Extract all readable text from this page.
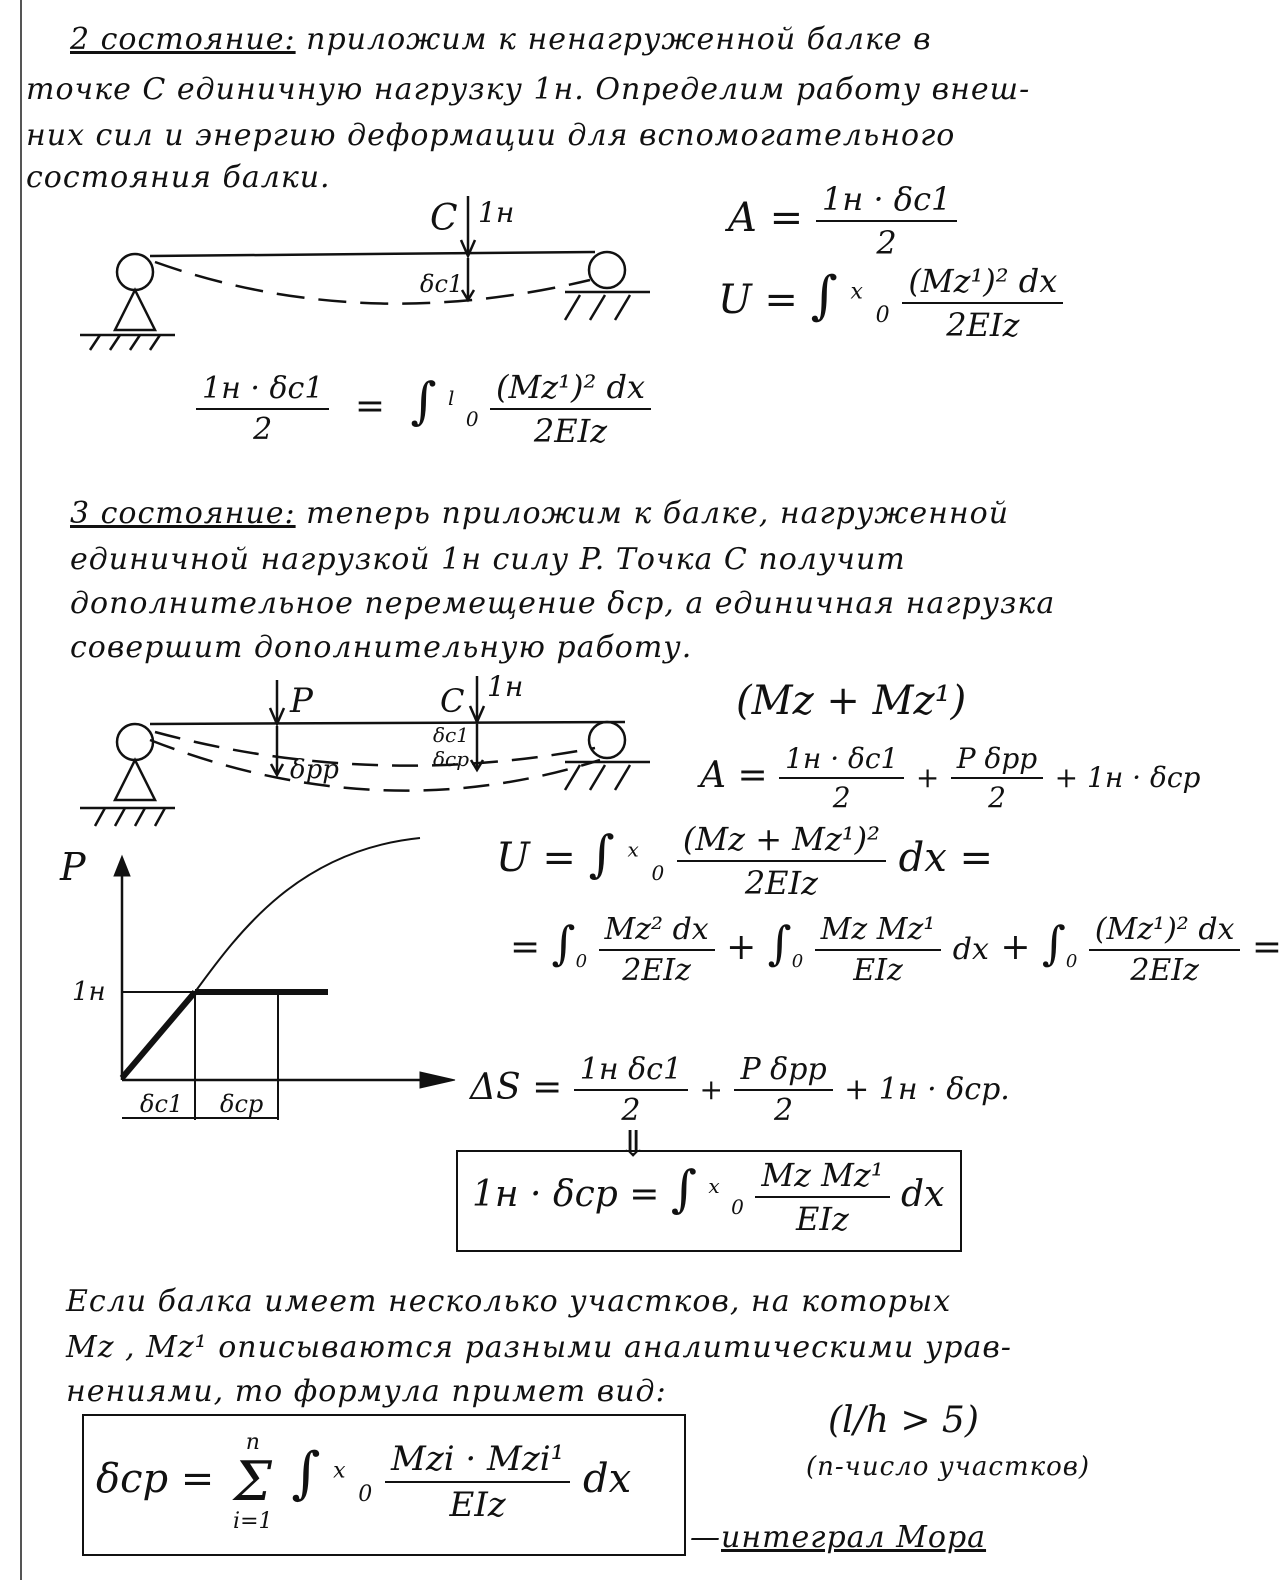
2 состояние: приложим к ненагруженной балке в
точке С единичную нагрузку 1н. Определим работу внеш-
них сил и энергию деформации для вспомогательного
состояния балки.
C 1н
δc1
P	C 1н
δpp
δc1
δcp
P
1н
δc1 δcp
$A = \frac{1н \cdot \delta c1}{2}$
U = ∫ $^x$ $_0 \frac{\text{(Mz¹)² dx}}{\text{2EIz}}$
$\frac{1н \cdot \delta c1}{2}$ = ∫ $^l$ $_0 \frac{\text{(Mz¹)² dx}}{\text{2EIz}}$
3 состояние: теперь приложим к балке, нагруженной
единичной нагрузкой 1н силу P. Точка С получит
дополнительное перемещение δcp, а единичная нагрузка
совершит дополнительную работу.
(Mz + Mz¹)
$A = \frac{1н \cdot \delta c1}{2} + \frac{\text{P δpp}}{2} + 1н \cdot \delta cp$
U = ∫ $^x$ $_0 \frac{\text{(Mz + Mz¹)²}}{\text{2EIz}}$ dx =
= $\int_0 \frac{\text{Mz² dx}}{\text{2EIz}} + \int_0 \frac{\text{Mz Mz¹}}{\text{EIz}}$ dx + $\int_0 \frac{\text{(Mz¹)² dx}}{\text{2EIz}}$ =
$\Delta S = \frac{\text{1н δc1}}{2} + \frac{\text{P δpp}}{2} + 1н \cdot \delta cp$.
⇓
1н · δcp = ∫ $^x$ $_0 \frac{\text{Mz Mz¹}}{\text{EIz}}$ dx
Если балка имеет несколько участков, на которых
Mz , Mz¹ описываются разными аналитическими урав-
нениями, то формула примет вид:
(l/h > 5)
(n-число участков)
δcp =
n
Σ
i=1
∫ $^x$ $_0 \frac{\text{Mzi · Mzi¹}}{\text{EIz}}$ dx
—интеграл Мора
